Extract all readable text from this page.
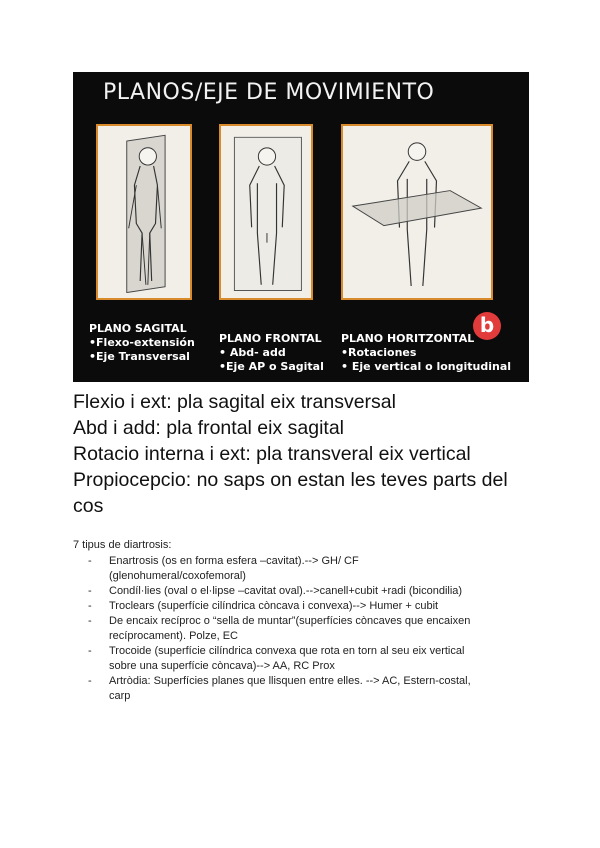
PLANOS/EJE DE MOVIMIENTO
PLANO SAGITAL
•Flexo-extensión
•Eje Transversal
PLANO FRONTAL
• Abd- add
•Eje AP o Sagital
PLANO HORITZONTAL
•Rotaciones
• Eje vertical o longitudinal
b
Flexio i ext: pla sagital eix transversal
Abd i add: pla frontal eix sagital
Rotacio interna i ext: pla transveral eix vertical
Propiocepcio: no saps on estan les teves parts del
cos
7 tipus de diartrosis:
- Enartrosis (os en forma esfera –cavitat).--> GH/ CF
(glenohumeral/coxofemoral)
- Condíl·lies (oval o el·lipse –cavitat oval).-->canell+cubit +radi (bicondilia)
- Troclears (superfície cilíndrica còncava i convexa)--> Humer + cubit
- De encaix recíproc o “sella de muntar”(superfícies còncaves que encaixen
recíprocament). Polze, EC
- Trocoide (superfície cilíndrica convexa que rota en torn al seu eix vertical
sobre una superfície còncava)--> AA, RC Prox
- Artròdia: Superfícies planes que llisquen entre elles. --> AC, Estern-costal,
carp
